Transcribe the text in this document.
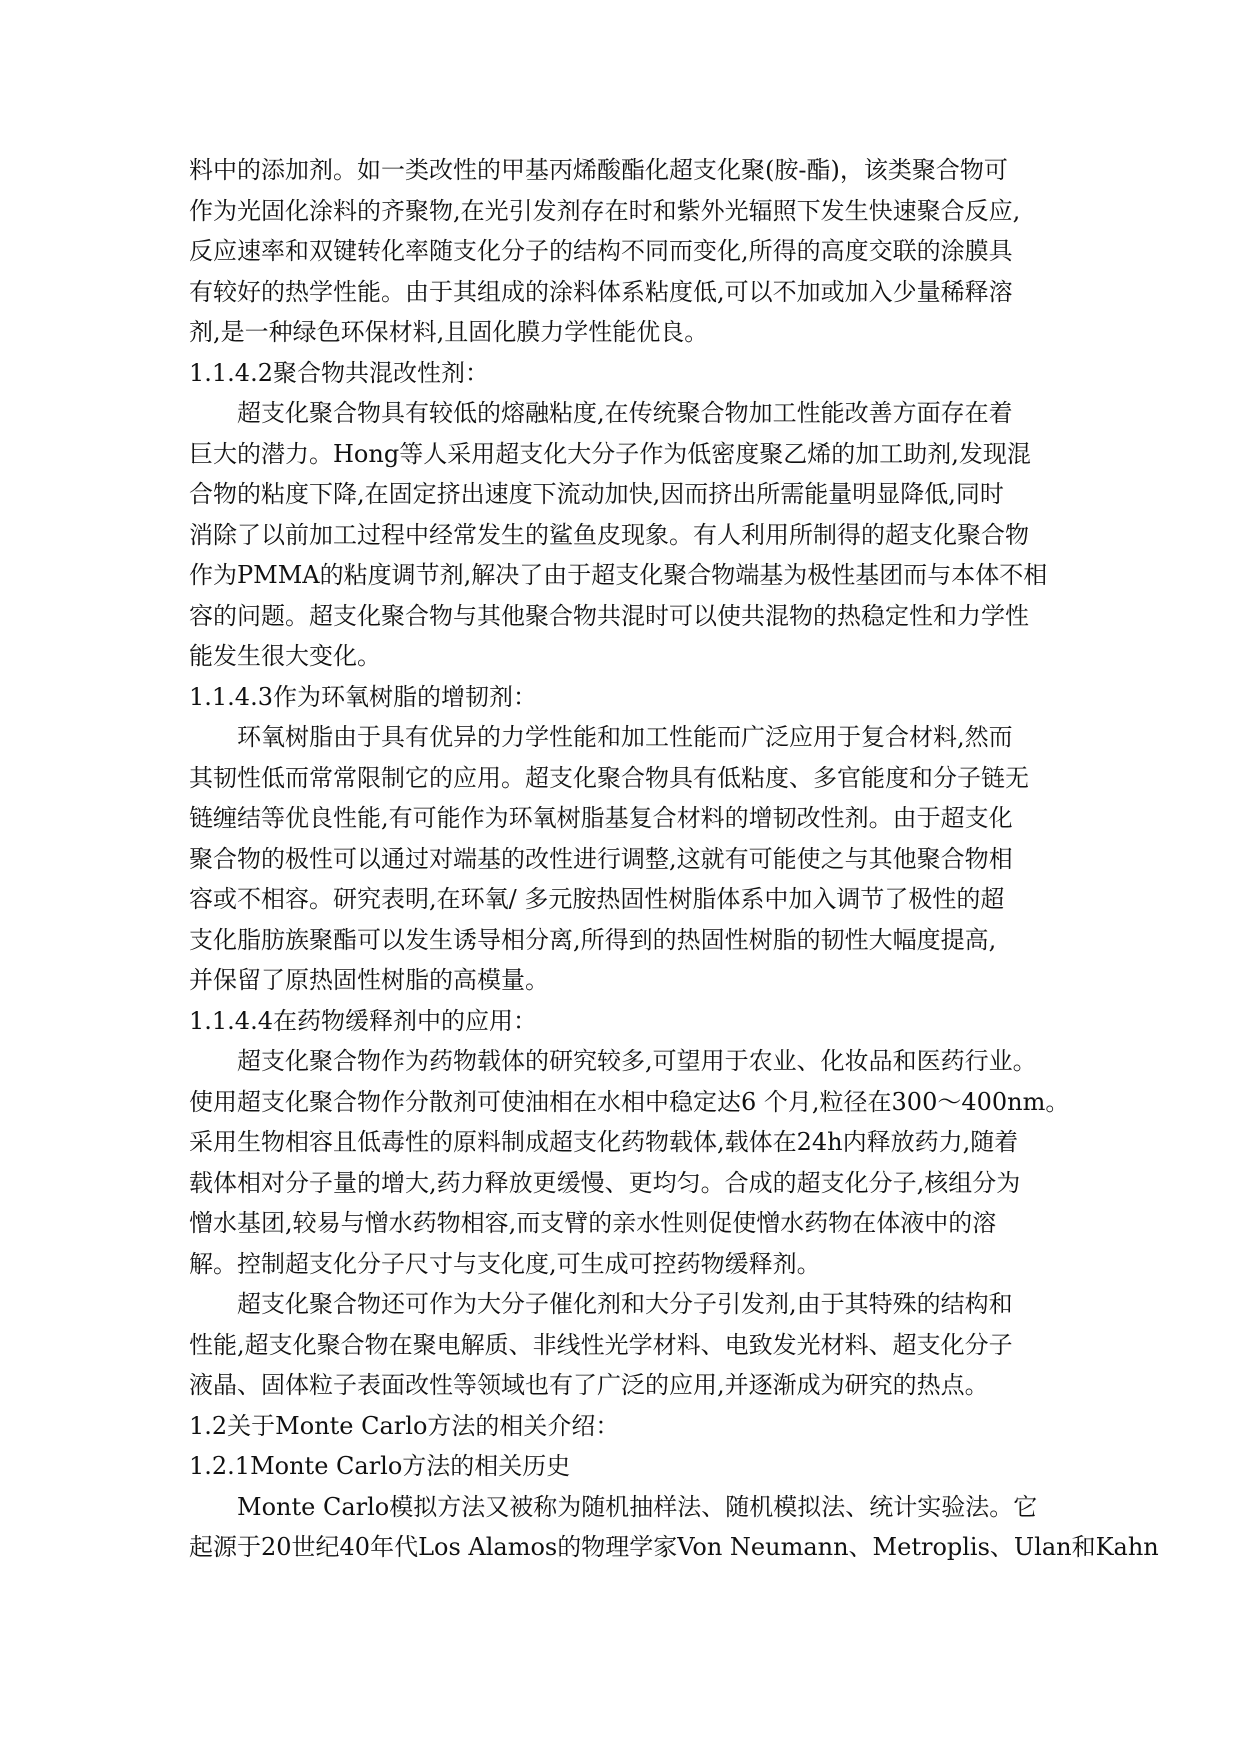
料中的添加剂。如一类改性的甲基丙烯酸酯化超支化聚(胺-酯)，该类聚合物可
作为光固化涂料的齐聚物,在光引发剂存在时和紫外光辐照下发生快速聚合反应,
反应速率和双键转化率随支化分子的结构不同而变化,所得的高度交联的涂膜具
有较好的热学性能。由于其组成的涂料体系粘度低,可以不加或加入少量稀释溶
剂,是一种绿色环保材料,且固化膜力学性能优良。
1.1.4.2聚合物共混改性剂：
超支化聚合物具有较低的熔融粘度,在传统聚合物加工性能改善方面存在着
巨大的潜力。Hong等人采用超支化大分子作为低密度聚乙烯的加工助剂,发现混
合物的粘度下降,在固定挤出速度下流动加快,因而挤出所需能量明显降低,同时
消除了以前加工过程中经常发生的鲨鱼皮现象。有人利用所制得的超支化聚合物
作为PMMA的粘度调节剂,解决了由于超支化聚合物端基为极性基团而与本体不相
容的问题。超支化聚合物与其他聚合物共混时可以使共混物的热稳定性和力学性
能发生很大变化。
1.1.4.3作为环氧树脂的增韧剂：
环氧树脂由于具有优异的力学性能和加工性能而广泛应用于复合材料,然而
其韧性低而常常限制它的应用。超支化聚合物具有低粘度、多官能度和分子链无
链缠结等优良性能,有可能作为环氧树脂基复合材料的增韧改性剂。由于超支化
聚合物的极性可以通过对端基的改性进行调整,这就有可能使之与其他聚合物相
容或不相容。研究表明,在环氧/ 多元胺热固性树脂体系中加入调节了极性的超
支化脂肪族聚酯可以发生诱导相分离,所得到的热固性树脂的韧性大幅度提高,
并保留了原热固性树脂的高模量。
1.1.4.4在药物缓释剂中的应用：
超支化聚合物作为药物载体的研究较多,可望用于农业、化妆品和医药行业。
使用超支化聚合物作分散剂可使油相在水相中稳定达6 个月,粒径在300～400nm。
采用生物相容且低毒性的原料制成超支化药物载体,载体在24h内释放药力,随着
载体相对分子量的增大,药力释放更缓慢、更均匀。合成的超支化分子,核组分为
憎水基团,较易与憎水药物相容,而支臂的亲水性则促使憎水药物在体液中的溶
解。控制超支化分子尺寸与支化度,可生成可控药物缓释剂。
超支化聚合物还可作为大分子催化剂和大分子引发剂,由于其特殊的结构和
性能,超支化聚合物在聚电解质、非线性光学材料、电致发光材料、超支化分子
液晶、固体粒子表面改性等领域也有了广泛的应用,并逐渐成为研究的热点。
1.2关于Monte Carlo方法的相关介绍：
1.2.1Monte Carlo方法的相关历史
Monte Carlo模拟方法又被称为随机抽样法、随机模拟法、统计实验法。它
起源于20世纪40年代Los Alamos的物理学家Von Neumann、Metroplis、Ulan和Kahn
